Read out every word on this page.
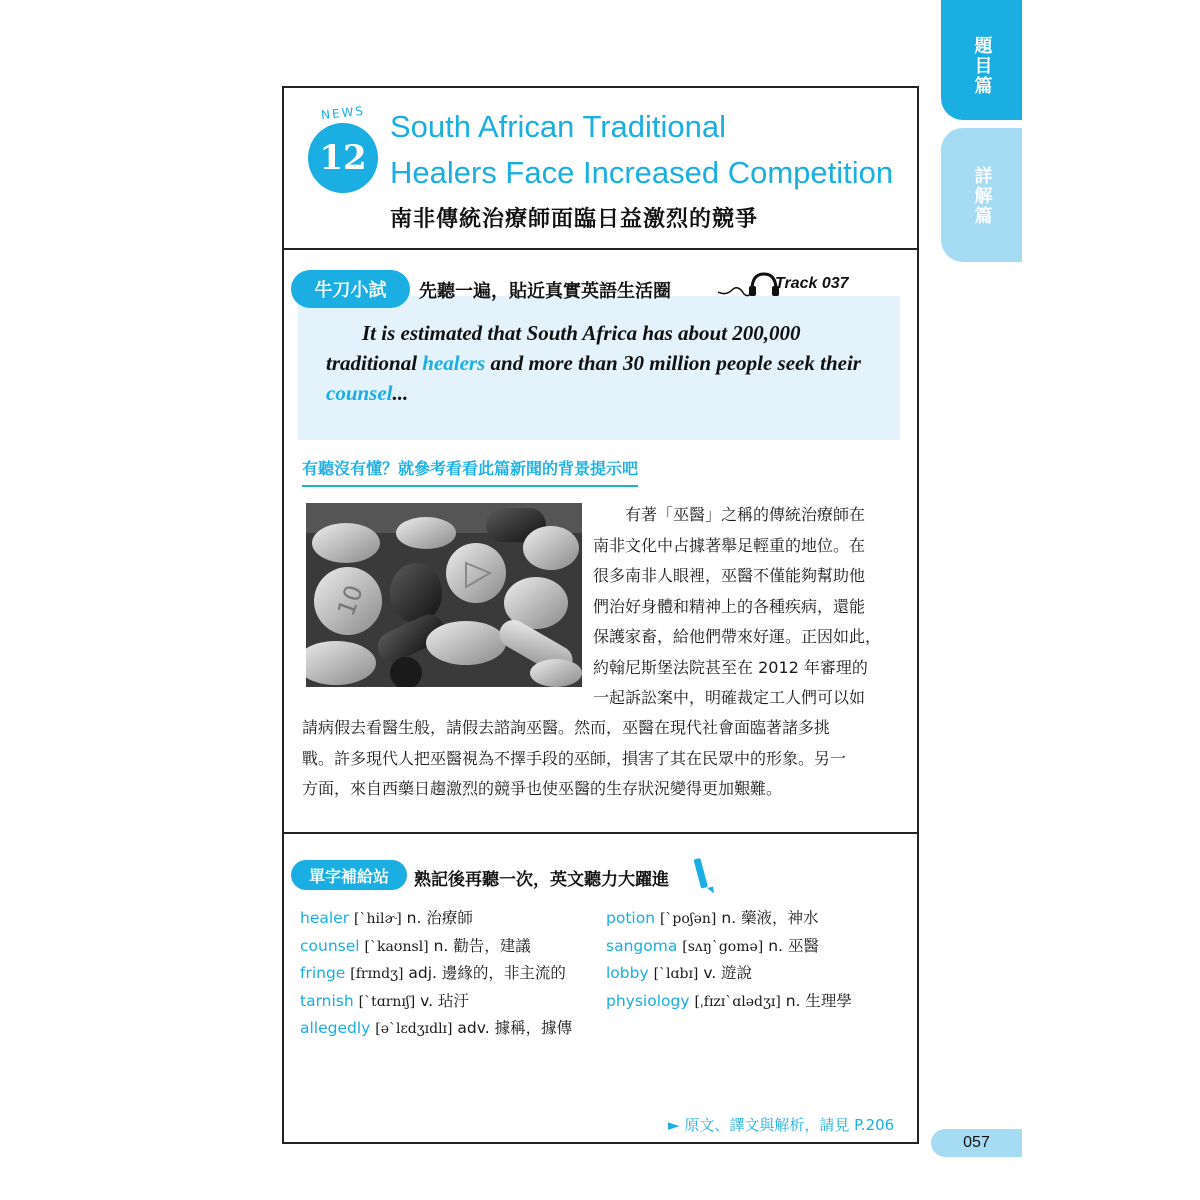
題目篇
詳解篇
NEWS
12
South African Traditional
Healers Face Increased Competition
南非傳統治療師面臨日益激烈的競爭
牛刀小試	先聽一遍，貼近真實英語生活圈	Track 037
It is estimated that South Africa has about 200,000 traditional healers and more than 30 million people seek their counsel...
有聽沒有懂？就參考看看此篇新聞的背景提示吧
10
　　有著「巫醫」之稱的傳統治療師在
南非文化中占據著舉足輕重的地位。在
很多南非人眼裡，巫醫不僅能夠幫助他
們治好身體和精神上的各種疾病，還能
保護家畜，給他們帶來好運。正因如此，
約翰尼斯堡法院甚至在 2012 年審理的
一起訴訟案中，明確裁定工人們可以如
請病假去看醫生般，請假去諮詢巫醫。然而，巫醫在現代社會面臨著諸多挑
戰。許多現代人把巫醫視為不擇手段的巫師，損害了其在民眾中的形象。另一
方面，來自西藥日趨激烈的競爭也使巫醫的生存狀況變得更加艱難。
單字補給站	熟記後再聽一次，英文聽力大躍進
healer [ˋhilɚ] n. 治療師
counsel [ˋkaʊnsl] n. 勸告，建議
fringe [frɪndʒ] adj. 邊緣的，非主流的
tarnish [ˋtɑrnɪʃ] v. 玷汙
allegedly [əˋlɛdʒɪdlɪ] adv. 據稱，據傳
potion [ˋpoʃən] n. 藥液，神水
sangoma [sʌŋˋgomə] n. 巫醫
lobby [ˋlɑbɪ] v. 遊說
physiology [ˌfɪzɪˋɑlədʒɪ] n. 生理學
► 原文、譯文與解析，請見 P.206
057
